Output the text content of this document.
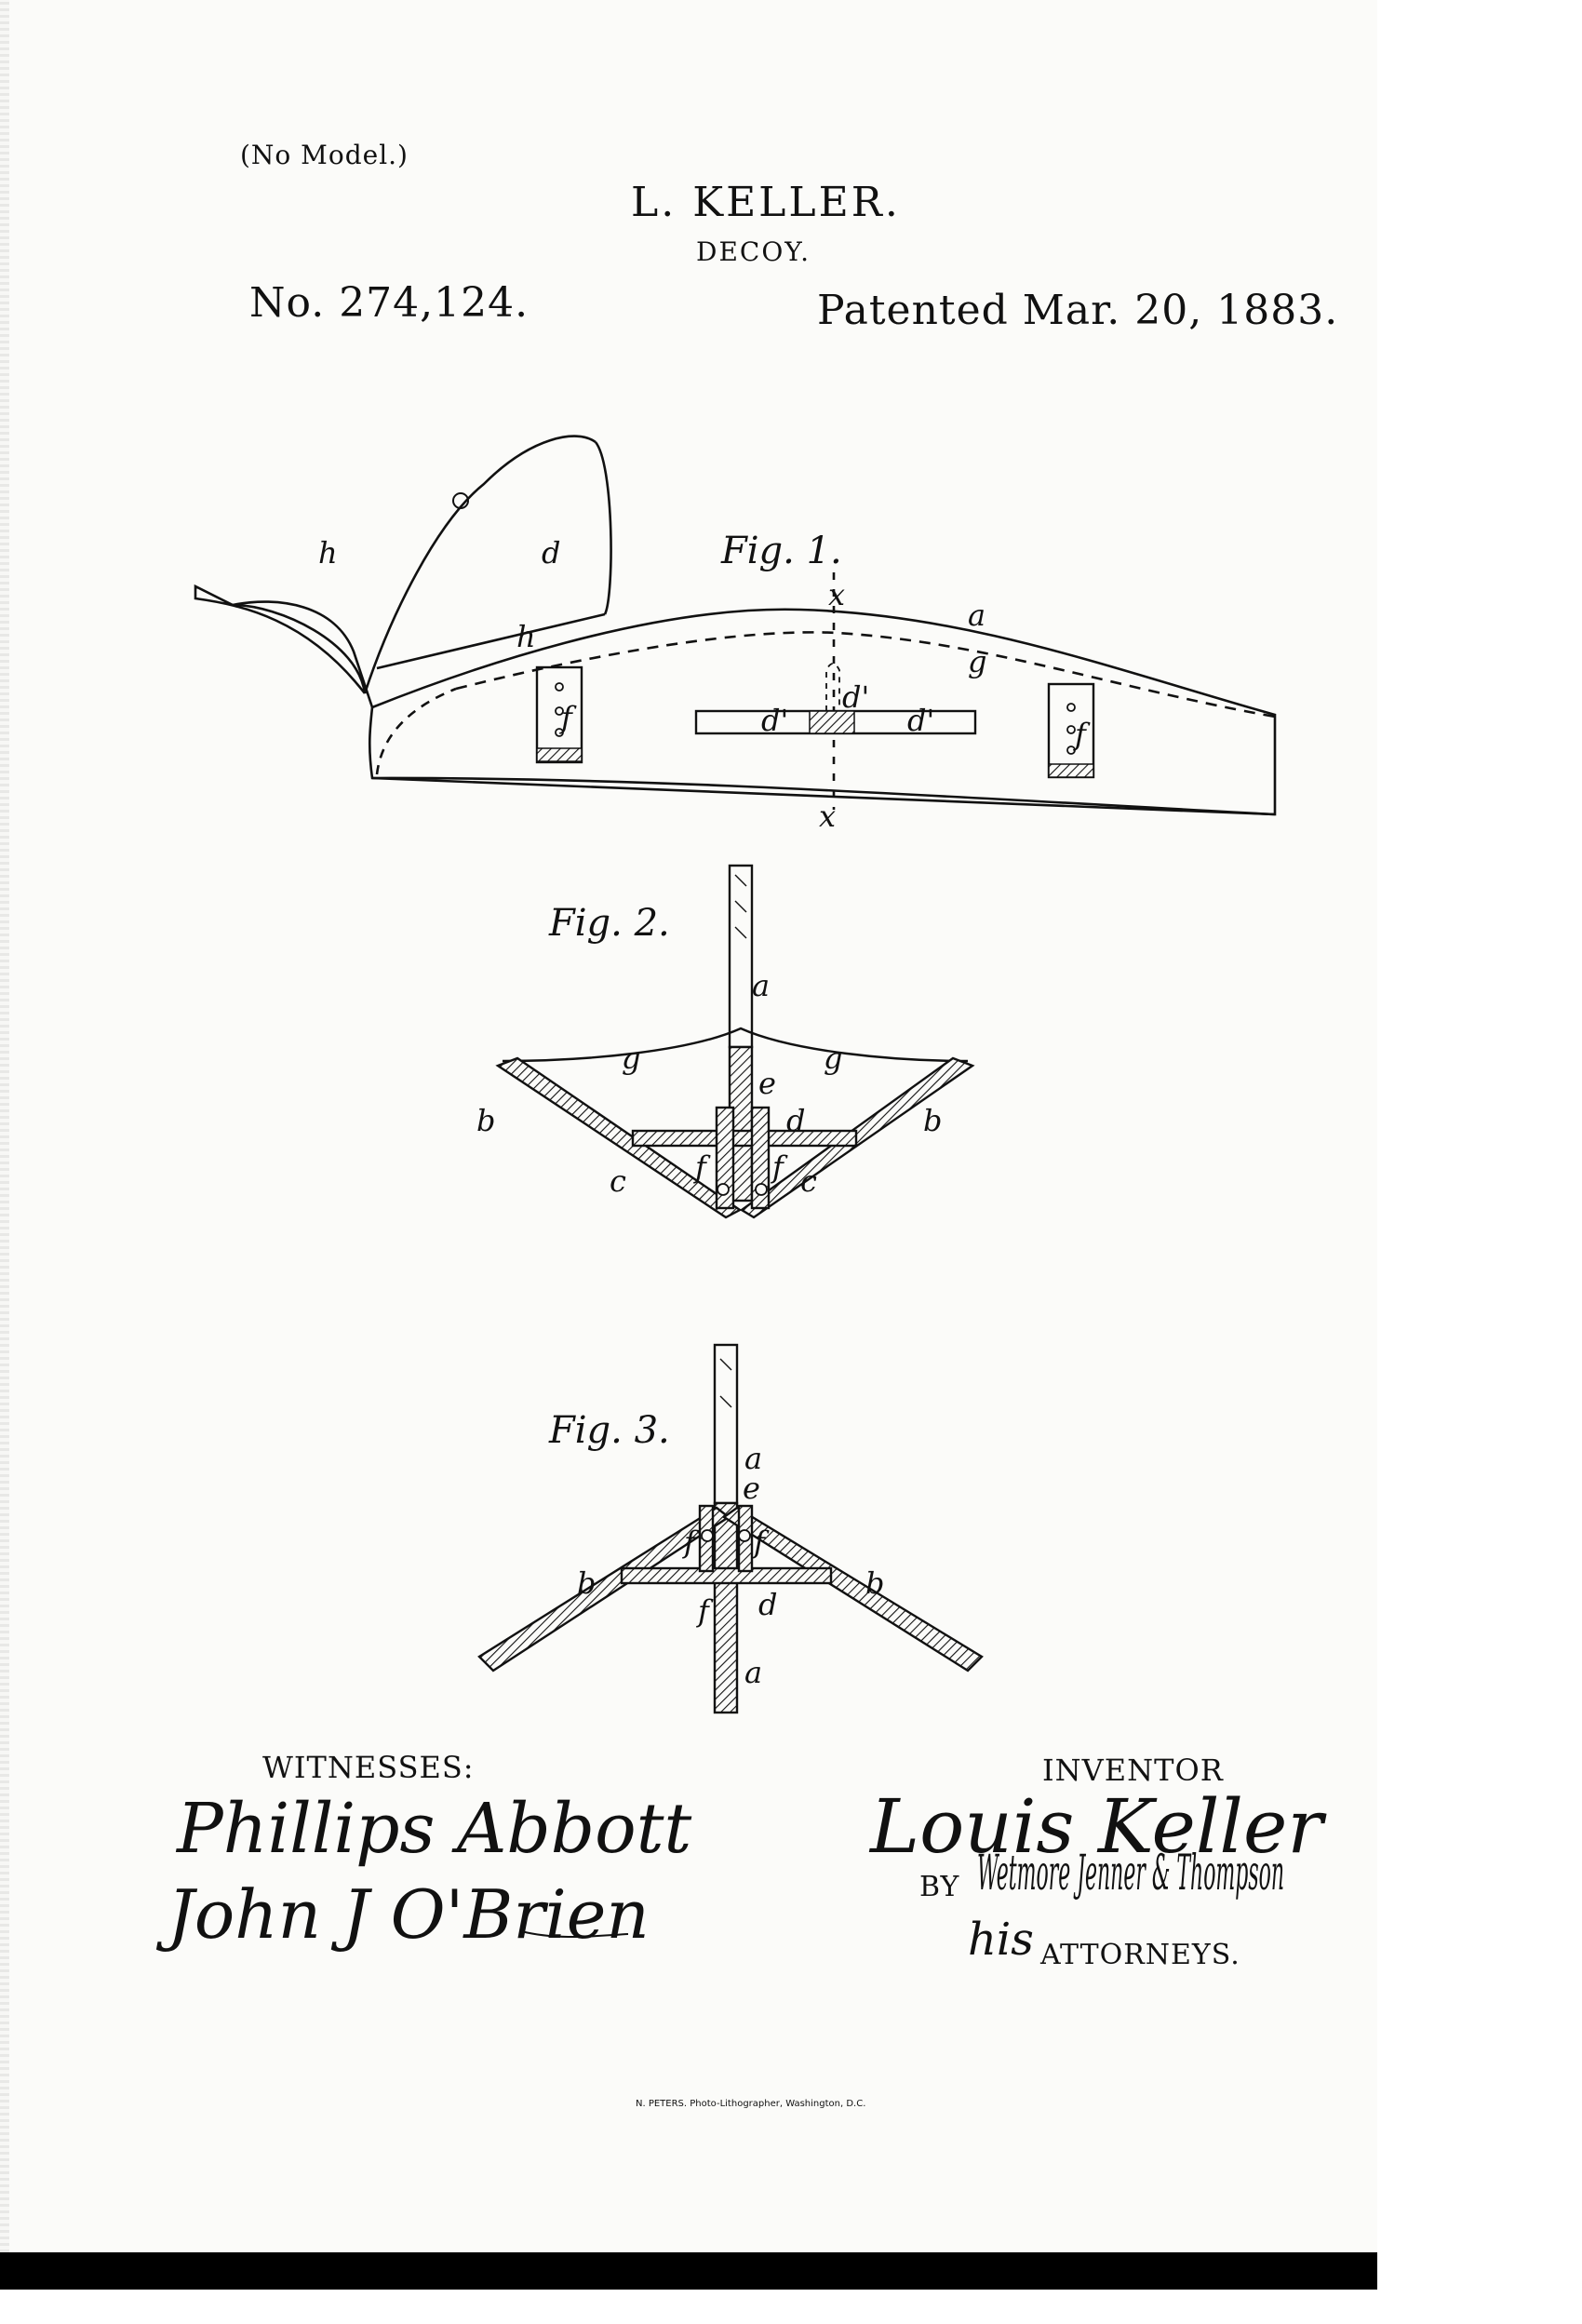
(No Model.)
L. KELLER.
DECOY.
No. 274,124.	Patented Mar. 20, 1883.
Fig. 1.
Fig. 2.
Fig. 3.
a
d
d'
d'
d'
f	f
g
h
h
x
x
a
b	b
c	c
d
e
f f
g	g
a
a
b	b
d
e
f f
f
WITNESSES:	INVENTOR
BY
ATTORNEYS.
N. PETERS. Photo-Lithographer, Washington, D.C.
Phillips Abbott
John J O'Brien
Louis Keller
Wetmore Jenner & Thompson
his
